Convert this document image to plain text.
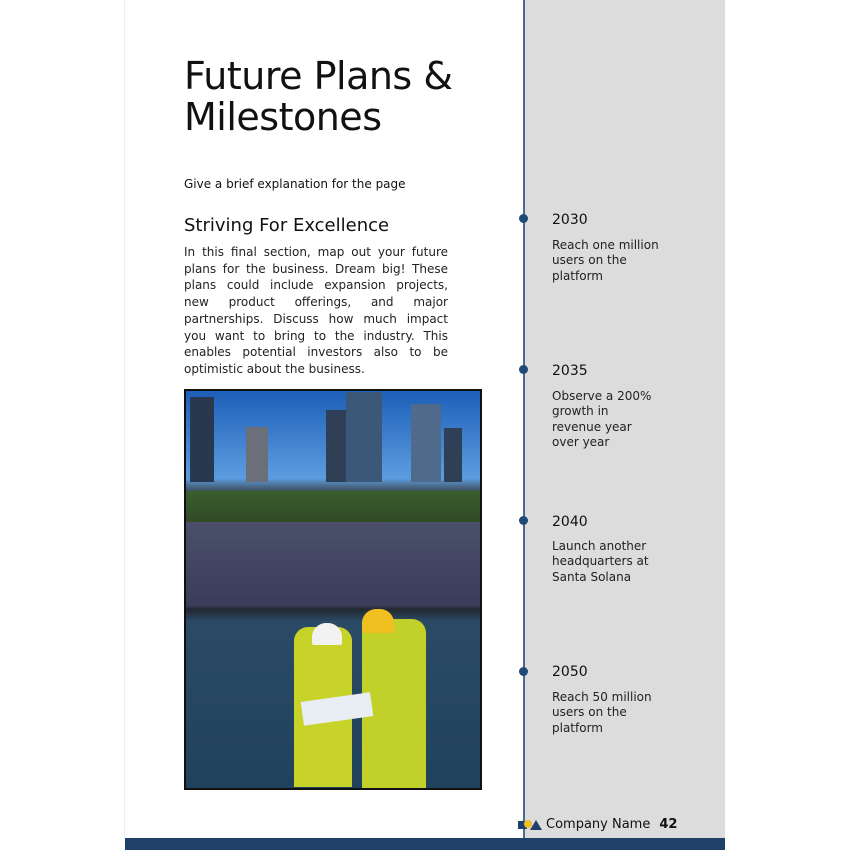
Future Plans & Milestones
Give a brief explanation for the page
Striving For Excellence

In this final section, map out your future plans for the business. Dream big! These plans could include expansion projects, new product offerings, and major partnerships. Discuss how much impact you want to bring to the industry. This enables potential investors also to be optimistic about the business.

2030
Reach one million users on the platform
2035
Observe a 200% growth in revenue year over year
2040
Launch another headquarters at Santa Solana
2050
Reach 50 million users on the platform
Company Name 42
